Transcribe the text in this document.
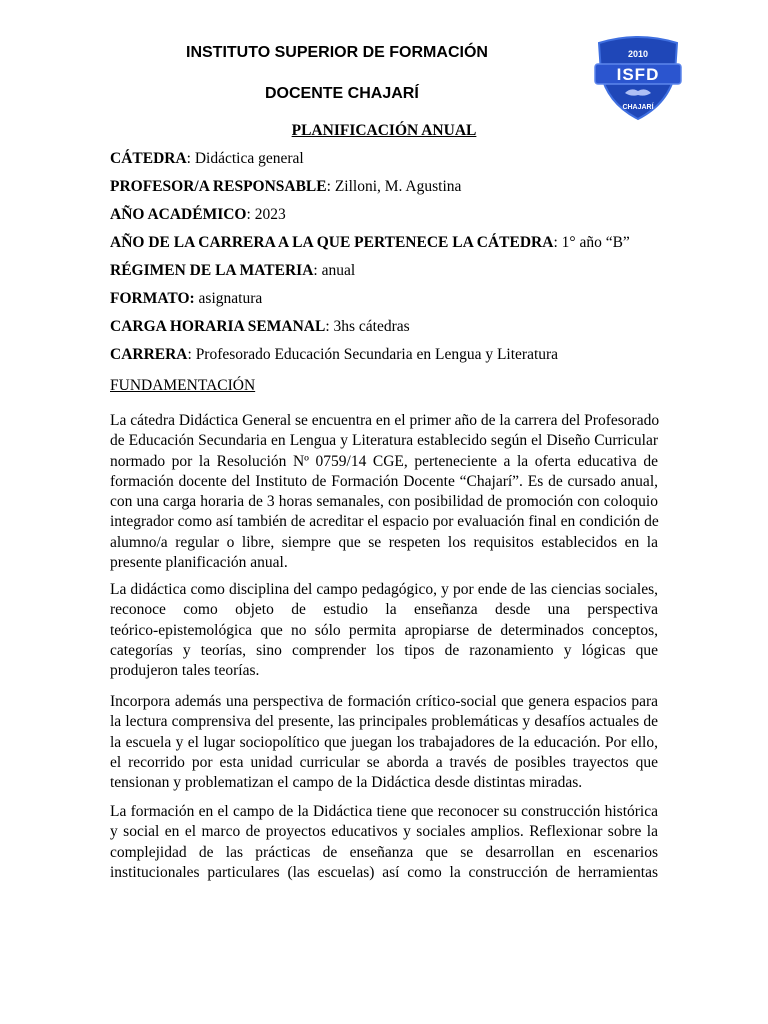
INSTITUTO SUPERIOR DE FORMACIÓN
DOCENTE CHAJARÍ
2010
ISFD
CHAJARÍ
PLANIFICACIÓN ANUAL
CÁTEDRA: Didáctica general
PROFESOR/A RESPONSABLE: Zilloni, M. Agustina
AÑO ACADÉMICO: 2023
AÑO DE LA CARRERA A LA QUE PERTENECE LA CÁTEDRA: 1° año “B”
RÉGIMEN DE LA MATERIA: anual
FORMATO: asignatura
CARGA HORARIA SEMANAL: 3hs cátedras
CARRERA: Profesorado Educación Secundaria en Lengua y Literatura
FUNDAMENTACIÓN
La cátedra Didáctica General se encuentra en el primer año de la carrera del Profesorado
de Educación Secundaria en Lengua y Literatura establecido según el Diseño Curricular
normado por la Resolución Nº 0759/14 CGE, perteneciente a la oferta educativa de
formación docente del Instituto de Formación Docente “Chajarí”. Es de cursado anual,
con una carga horaria de 3 horas semanales, con posibilidad de promoción con coloquio
integrador como así también de acreditar el espacio por evaluación final en condición de
alumno/a regular o libre, siempre que se respeten los requisitos establecidos en la
presente planificación anual.
La didáctica como disciplina del campo pedagógico, y por ende de las ciencias sociales,
reconoce como objeto de estudio la enseñanza desde una perspectiva
teórico-epistemológica que no sólo permita apropiarse de determinados conceptos,
categorías y teorías, sino comprender los tipos de razonamiento y lógicas que
produjeron tales teorías.
Incorpora además una perspectiva de formación crítico-social que genera espacios para
la lectura comprensiva del presente, las principales problemáticas y desafíos actuales de
la escuela y el lugar sociopolítico que juegan los trabajadores de la educación. Por ello,
el recorrido por esta unidad curricular se aborda a través de posibles trayectos que
tensionan y problematizan el campo de la Didáctica desde distintas miradas.
La formación en el campo de la Didáctica tiene que reconocer su construcción histórica
y social en el marco de proyectos educativos y sociales amplios. Reflexionar sobre la
complejidad de las prácticas de enseñanza que se desarrollan en escenarios
institucionales particulares (las escuelas) así como la construcción de herramientas
